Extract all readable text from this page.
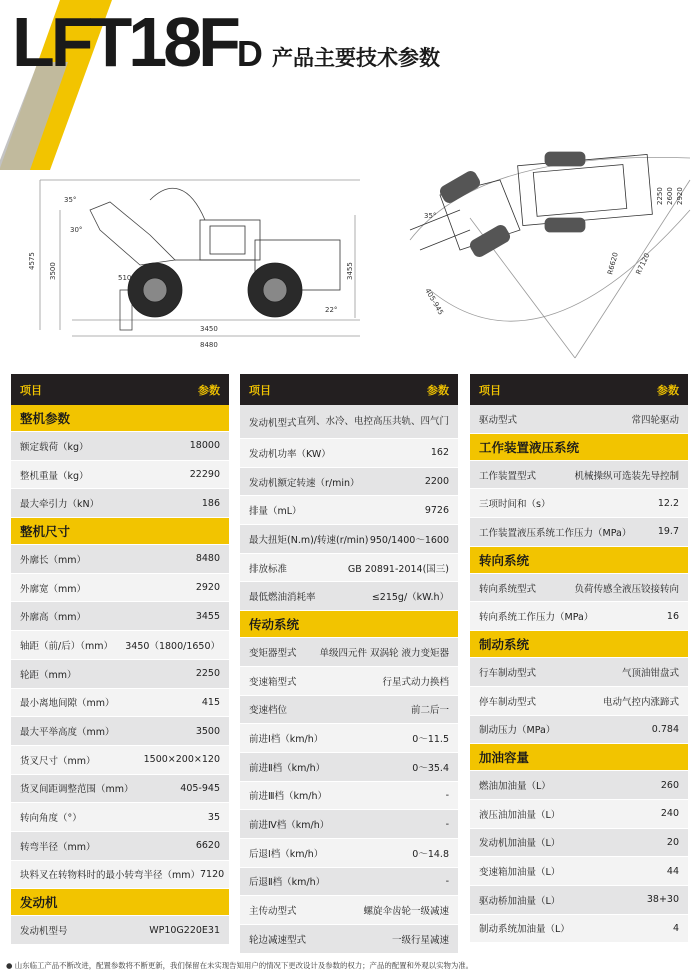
LFT18FD 产品主要技术参数
35°
30°
4575
3500	510	3455
22°
3450
8480
35°
405-945
2250 2600 2920
R6620 R7120
项目	参数
整机参数
额定载荷（kg）	18000
整机重量（kg）	22290
最大牵引力（kN）	186
整机尺寸
外廓长（mm）	8480
外廓宽（mm）	2920
外廓高（mm）	3455
轴距（前/后）（mm）	3450（1800/1650）
轮距（mm）	2250
最小离地间隙（mm）	415
最大平举高度（mm）	3500
货叉尺寸（mm）	1500×200×120
货叉间距调整范围（mm）	405-945
转向角度（°）	35
转弯半径（mm）	6620
块料叉在转物料时的最小转弯半径（mm） 7120
发动机
发动机型号	WP10G220E31
项目	参数
发动机型式 直列、水冷、电控高压共轨、四气门
发动机功率（KW）	162
发动机额定转速（r/min）	2200
排量（mL）	9726
最大扭矩(N.m)/转速(r/min) 950/1400～1600
排放标准	GB 20891-2014(国三)
最低燃油消耗率	≤215g/（kW.h）
传动系统
变矩器型式	单级四元件 双涡轮 液力变矩器
变速箱型式	行星式动力换档
变速档位	前二后一
前进Ⅰ档（km/h）	0～11.5
前进Ⅱ档（km/h）	0～35.4
前进Ⅲ档（km/h）	-
前进Ⅳ档（km/h）	-
后退Ⅰ档（km/h）	0～14.8
后退Ⅱ档（km/h）	-
主传动型式	螺旋伞齿轮一级减速
轮边减速型式	一级行星减速
项目	参数
驱动型式	常四轮驱动
工作装置液压系统
工作装置型式	机械操纵可选装先导控制
三项时间和（s）	12.2
工作装置液压系统工作压力（MPa）	19.7
转向系统
转向系统型式	负荷传感全液压铰接转向
转向系统工作压力（MPa）	16
制动系统
行车制动型式	气顶油钳盘式
停车制动型式	电动气控内涨蹄式
制动压力（MPa）	0.784
加油容量
燃油加油量（L）	260
液压油加油量（L）	240
发动机加油量（L）	20
变速箱加油量（L）	44
驱动桥加油量（L）	38+30
制动系统加油量（L）	4
● 山东临工产品不断改进，配置参数将不断更新，我们保留在未实现告知用户的情况下更改设计及参数的权力；产品的配置和外观以实物为准。
